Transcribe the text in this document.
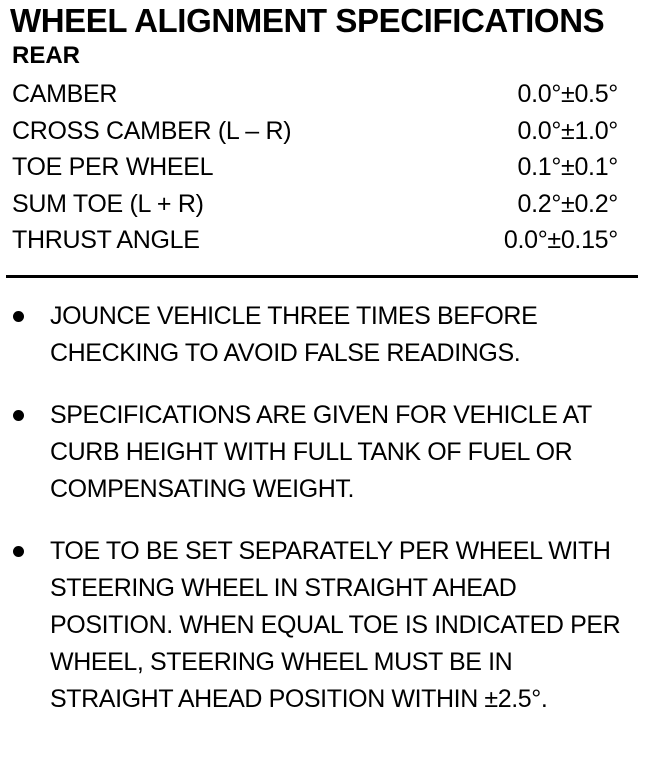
WHEEL ALIGNMENT SPECIFICATIONS
REAR
CAMBER	0.0°±0.5°
CROSS CAMBER (L – R)	0.0°±1.0°
TOE PER WHEEL	0.1°±0.1°
SUM TOE (L + R)	0.2°±0.2°
THRUST ANGLE	0.0°±0.15°
JOUNCE VEHICLE THREE TIMES BEFORE CHECKING TO AVOID FALSE READINGS.
SPECIFICATIONS ARE GIVEN FOR VEHICLE AT CURB HEIGHT WITH FULL TANK OF FUEL OR COMPENSATING WEIGHT.
TOE TO BE SET SEPARATELY PER WHEEL WITH STEERING WHEEL IN STRAIGHT AHEAD POSITION. WHEN EQUAL TOE IS INDICATED PER WHEEL, STEERING WHEEL MUST BE IN STRAIGHT AHEAD POSITION WITHIN ±2.5°.
